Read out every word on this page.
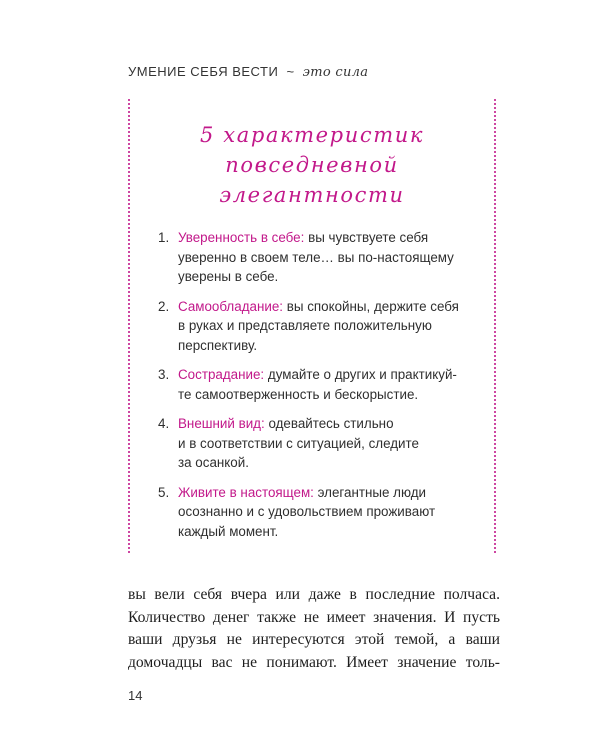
УМЕНИЕ СЕБЯ ВЕСТИ ~ это сила
5 характеристик
повседневной
элегантности
1. Уверенность в себе: вы чувствуете себя
уверенно в своем теле… вы по-настоящему
уверены в себе.
2. Самообладание: вы спокойны, держите себя
в руках и представляете положительную
перспективу.
3. Сострадание: думайте о других и практикуй-
те самоотверженность и бескорыстие.
4. Внешний вид: одевайтесь стильно
и в соответствии с ситуацией, следите
за осанкой.
5. Живите в настоящем: элегантные люди
осознанно и с удовольствием проживают
каждый момент.
вы вели себя вчера или даже в последние полчаса.
Количество денег также не имеет значения. И пусть
ваши друзья не интересуются этой темой, а ваши
домочадцы вас не понимают. Имеет значение толь-
14
